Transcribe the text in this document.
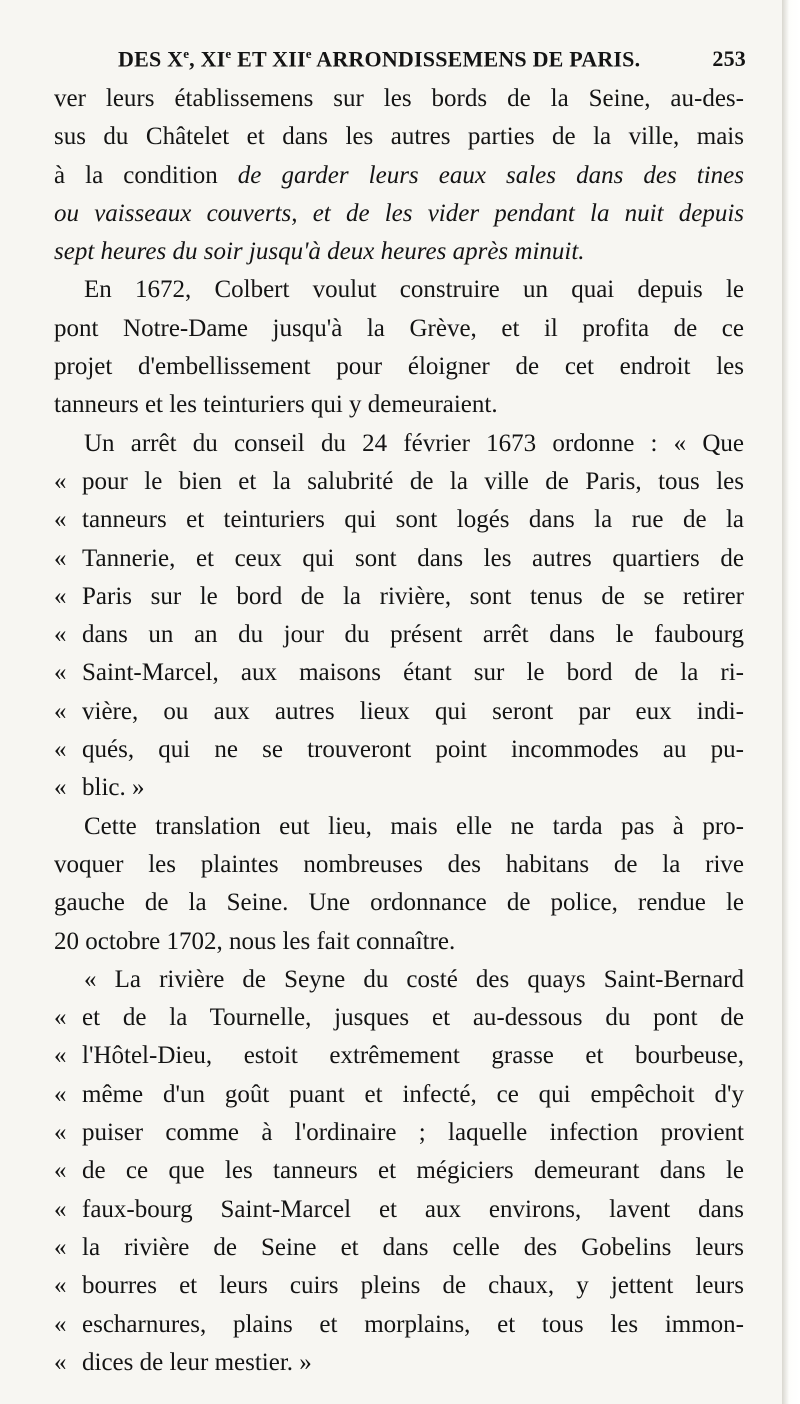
DES Xe, XIe ET XIIe ARRONDISSEMENS DE PARIS.	253
ver leurs établissemens sur les bords de la Seine, au-des-
sus du Châtelet et dans les autres parties de la ville, mais
à la condition de garder leurs eaux sales dans des tines
ou vaisseaux couverts, et de les vider pendant la nuit depuis
sept heures du soir jusqu'à deux heures après minuit.
En 1672, Colbert voulut construire un quai depuis le
pont Notre-Dame jusqu'à la Grève, et il profita de ce
projet d'embellissement pour éloigner de cet endroit les
tanneurs et les teinturiers qui y demeuraient.
Un arrêt du conseil du 24 février 1673 ordonne : « Que
« pour le bien et la salubrité de la ville de Paris, tous les
« tanneurs et teinturiers qui sont logés dans la rue de la
« Tannerie, et ceux qui sont dans les autres quartiers de
« Paris sur le bord de la rivière, sont tenus de se retirer
« dans un an du jour du présent arrêt dans le faubourg
« Saint-Marcel, aux maisons étant sur le bord de la ri-
« vière, ou aux autres lieux qui seront par eux indi-
« qués, qui ne se trouveront point incommodes au pu-
« blic. »
Cette translation eut lieu, mais elle ne tarda pas à pro-
voquer les plaintes nombreuses des habitans de la rive
gauche de la Seine. Une ordonnance de police, rendue le
20 octobre 1702, nous les fait connaître.
« La rivière de Seyne du costé des quays Saint-Bernard
« et de la Tournelle, jusques et au-dessous du pont de
« l'Hôtel-Dieu, estoit extrêmement grasse et bourbeuse,
« même d'un goût puant et infecté, ce qui empêchoit d'y
« puiser comme à l'ordinaire ; laquelle infection provient
« de ce que les tanneurs et mégiciers demeurant dans le
« faux-bourg Saint-Marcel et aux environs, lavent dans
« la rivière de Seine et dans celle des Gobelins leurs
« bourres et leurs cuirs pleins de chaux, y jettent leurs
« escharnures, plains et morplains, et tous les immon-
« dices de leur mestier. »
